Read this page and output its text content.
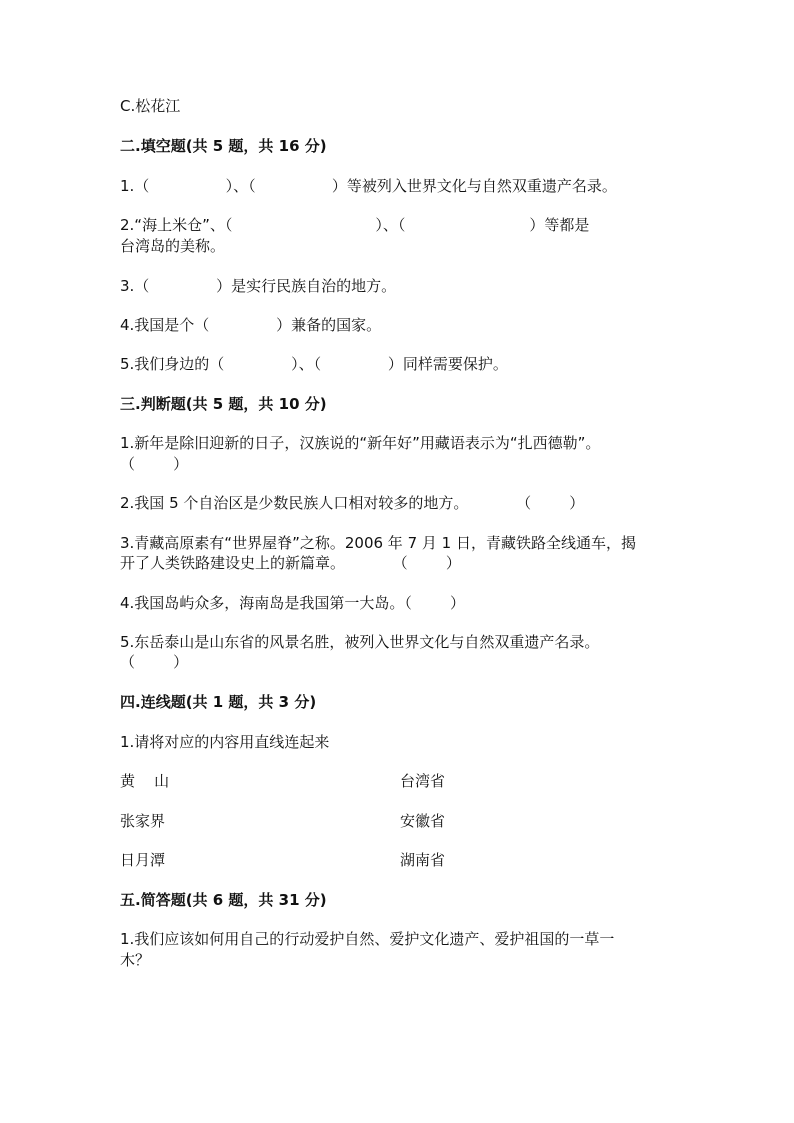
C.松花江
二.填空题(共 5 题，共 16 分)
1.（                ）、（                ）等被列入世界文化与自然双重遗产名录。
2.“海上米仓”、（                              ）、（                          ）等都是
台湾岛的美称。
3.（              ）是实行民族自治的地方。
4.我国是个（              ）兼备的国家。
5.我们身边的（              ）、（              ）同样需要保护。
三.判断题(共 5 题，共 10 分)
1.新年是除旧迎新的日子，汉族说的“新年好”用藏语表示为“扎西德勒”。
（        ）
2.我国 5 个自治区是少数民族人口相对较多的地方。          （        ）
3.青藏高原素有“世界屋脊”之称。2006 年 7 月 1 日，青藏铁路全线通车，揭
开了人类铁路建设史上的新篇章。          （        ）
4.我国岛屿众多，海南岛是我国第一大岛。（        ）
5.东岳泰山是山东省的风景名胜，被列入世界文化与自然双重遗产名录。
（        ）
四.连线题(共 1 题，共 3 分)
1.请将对应的内容用直线连起来
黄    山	台湾省
张家界	安徽省
日月潭	湖南省
五.简答题(共 6 题，共 31 分)
1.我们应该如何用自己的行动爱护自然、爱护文化遗产、爱护祖国的一草一
木？
